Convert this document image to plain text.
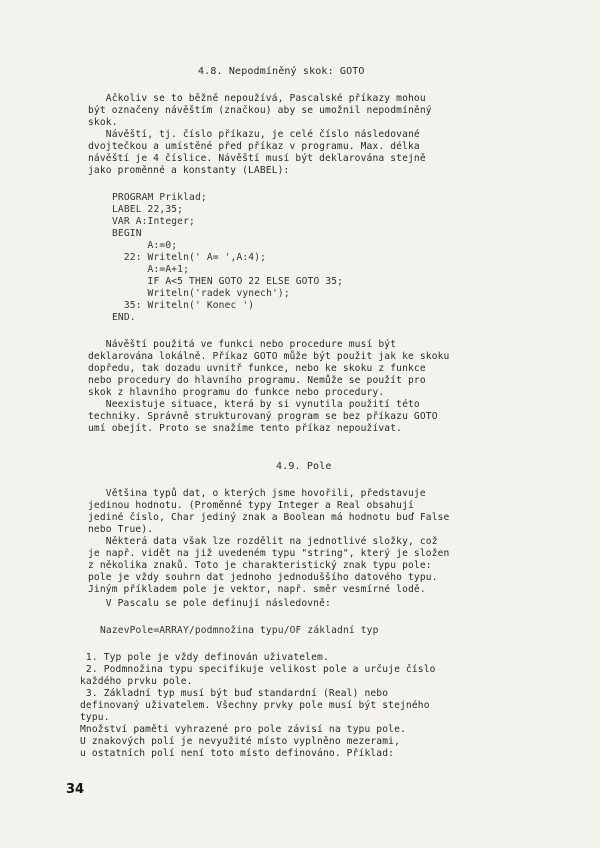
4.8. Nepodmíněný skok: GOTO
Ačkoliv se to běžně nepoužívá, Pascalské příkazy mohou
být označeny návěštím (značkou) aby se umožnil nepodmíněný
skok.
Návěští, tj. číslo příkazu, je celé číslo následované
dvojtečkou a umístěné před příkaz v programu. Max. délka
návěští je 4 číslice. Návěští musí být deklarována stejně
jako proměnné a konstanty (LABEL):
PROGRAM Priklad;
LABEL 22,35;
VAR A:Integer;
BEGIN
A:=0;
22: Writeln(' A= ',A:4);
A:=A+1;
IF A<5 THEN GOTO 22 ELSE GOTO 35;
Writeln('radek vynech');
35: Writeln(' Konec ')
END.
Návěští použitá ve funkci nebo procedure musí být
deklarována lokálně. Příkaz GOTO může být použit jak ke skoku
dopředu, tak dozadu uvnitř funkce, nebo ke skoku z funkce
nebo procedury do hlavního programu. Nemůže se použít pro
skok z hlavního programu do funkce nebo procedury.
Neexistuje situace, která by si vynutila použití této
techniky. Správně strukturovaný program se bez příkazu GOTO
umí obejít. Proto se snažíme tento příkaz nepoužívat.
4.9. Pole
Většina typů dat, o kterých jsme hovořili, představuje
jedinou hodnotu. (Proměnné typy Integer a Real obsahují
jediné číslo, Char jediný znak a Boolean má hodnotu buď False
nebo True).
Některá data však lze rozdělit na jednotlivé složky, což
je např. vidět na již uvedeném typu "string", který je složen
z několika znaků. Toto je charakteristický znak typu pole:
pole je vždy souhrn dat jednoho jednoduššího datového typu.
Jiným příkladem pole je vektor, např. směr vesmírné lodě.
V Pascalu se pole definují následovně:
NazevPole=ARRAY/podmnožina typu/OF základní typ
1. Typ pole je vždy definován uživatelem.
2. Podmnožina typu specifikuje velikost pole a určuje číslo
každého prvku pole.
3. Základní typ musí být buď standardní (Real) nebo
definovaný uživatelem. Všechny prvky pole musí být stejného
typu.
Množství paměti vyhrazené pro pole závisí na typu pole.
U znakových polí je nevyužité místo vyplněno mezerami,
u ostatních polí není toto místo definováno. Příklad:
34
